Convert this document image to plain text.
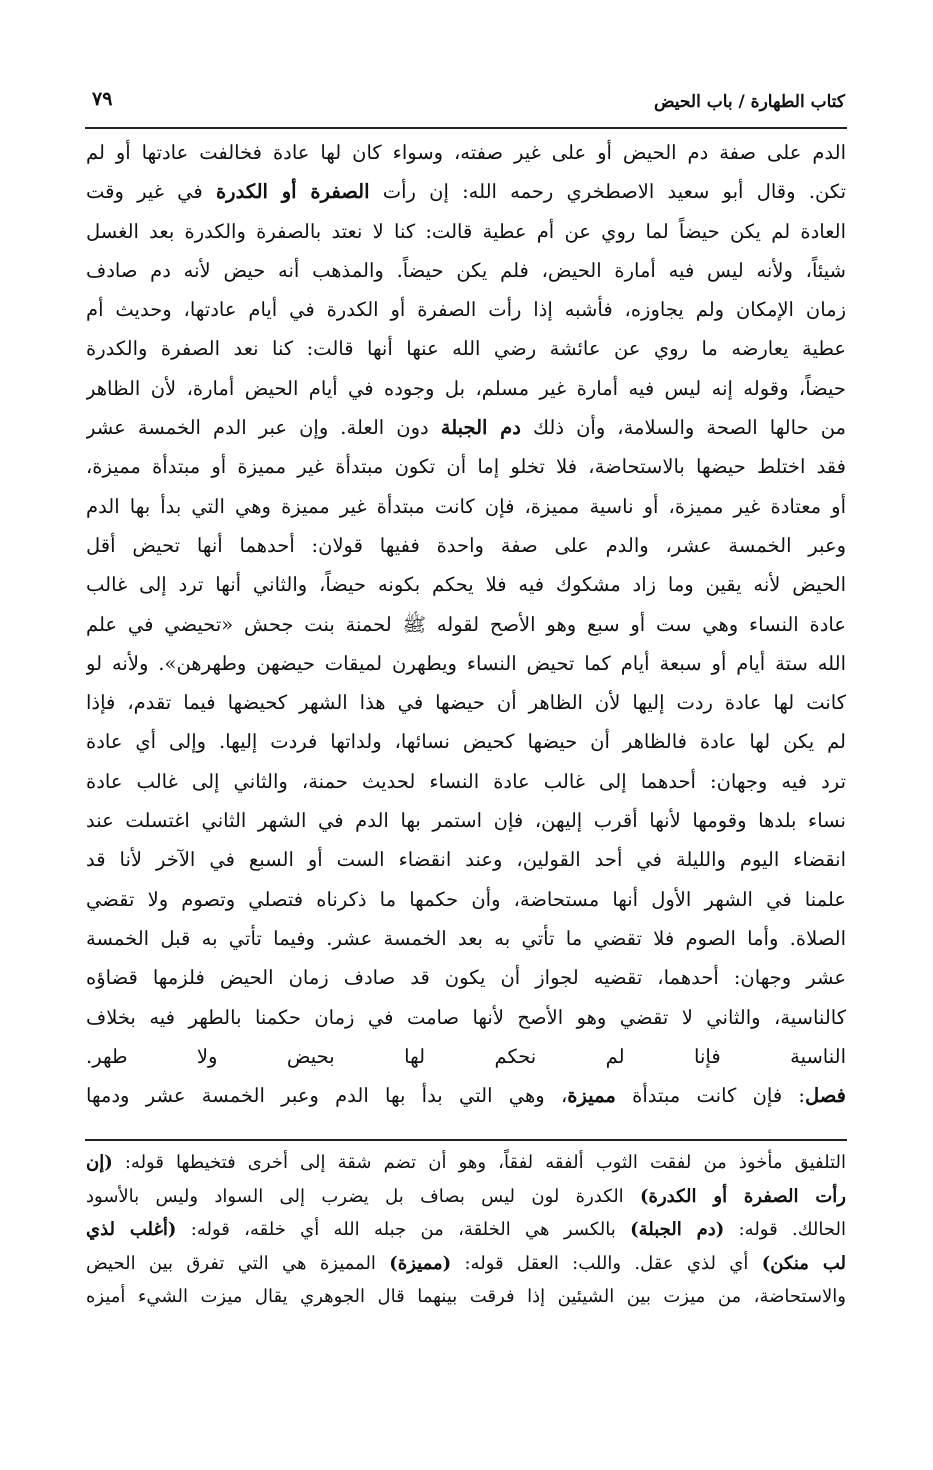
كتاب الطهارة / باب الحيض
٧٩
الدم على صفة دم الحيض أو على غير صفته، وسواء كان لها عادة فخالفت عادتها أو لم
تكن. وقال أبو سعيد الاصطخري رحمه الله: إن رأت الصفرة أو الكدرة في غير وقت
العادة لم يكن حيضاً لما روي عن أم عطية قالت: كنا لا نعتد بالصفرة والكدرة بعد الغسل
شيئاً، ولأنه ليس فيه أمارة الحيض، فلم يكن حيضاً. والمذهب أنه حيض لأنه دم صادف
زمان الإمكان ولم يجاوزه، فأشبه إذا رأت الصفرة أو الكدرة في أيام عادتها، وحديث أم
عطية يعارضه ما روي عن عائشة رضي الله عنها أنها قالت: كنا نعد الصفرة والكدرة
حيضاً، وقوله إنه ليس فيه أمارة غير مسلم، بل وجوده في أيام الحيض أمارة، لأن الظاهر
من حالها الصحة والسلامة، وأن ذلك دم الجبلة دون العلة. وإن عبر الدم الخمسة عشر
فقد اختلط حيضها بالاستحاضة، فلا تخلو إما أن تكون مبتدأة غير مميزة أو مبتدأة مميزة،
أو معتادة غير مميزة، أو ناسية مميزة، فإن كانت مبتدأة غير مميزة وهي التي بدأ بها الدم
وعبر الخمسة عشر، والدم على صفة واحدة ففيها قولان: أحدهما أنها تحيض أقل
الحيض لأنه يقين وما زاد مشكوك فيه فلا يحكم بكونه حيضاً، والثاني أنها ترد إلى غالب
عادة النساء وهي ست أو سبع وهو الأصح لقوله ﷺ لحمنة بنت جحش «تحيضي في علم
الله ستة أيام أو سبعة أيام كما تحيض النساء ويطهرن لميقات حيضهن وطهرهن». ولأنه لو
كانت لها عادة ردت إليها لأن الظاهر أن حيضها في هذا الشهر كحيضها فيما تقدم، فإذا
لم يكن لها عادة فالظاهر أن حيضها كحيض نسائها، ولداتها فردت إليها. وإلى أي عادة
ترد فيه وجهان: أحدهما إلى غالب عادة النساء لحديث حمنة، والثاني إلى غالب عادة
نساء بلدها وقومها لأنها أقرب إليهن، فإن استمر بها الدم في الشهر الثاني اغتسلت عند
انقضاء اليوم والليلة في أحد القولين، وعند انقضاء الست أو السبع في الآخر لأنا قد
علمنا في الشهر الأول أنها مستحاضة، وأن حكمها ما ذكرناه فتصلي وتصوم ولا تقضي
الصلاة. وأما الصوم فلا تقضي ما تأتي به بعد الخمسة عشر. وفيما تأتي به قبل الخمسة
عشر وجهان: أحدهما، تقضيه لجواز أن يكون قد صادف زمان الحيض فلزمها قضاؤه
كالناسية، والثاني لا تقضي وهو الأصح لأنها صامت في زمان حكمنا بالطهر فيه بخلاف
الناسية فإنا لم نحكم لها بحيض ولا طهر.
فصل: فإن كانت مبتدأة مميزة، وهي التي بدأ بها الدم وعبر الخمسة عشر ودمها
التلفيق مأخوذ من لفقت الثوب ألفقه لفقاً، وهو أن تضم شقة إلى أخرى فتخيطها قوله: (إن
رأت الصفرة أو الكدرة) الكدرة لون ليس بصاف بل يضرب إلى السواد وليس بالأسود
الحالك. قوله: (دم الجبلة) بالكسر هي الخلقة، من جبله الله أي خلقه، قوله: (أغلب لذي
لب منكن) أي لذي عقل. واللب: العقل قوله: (مميزة) المميزة هي التي تفرق بين الحيض
والاستحاضة، من ميزت بين الشيئين إذا فرقت بينهما قال الجوهري يقال ميزت الشيء أميزه
